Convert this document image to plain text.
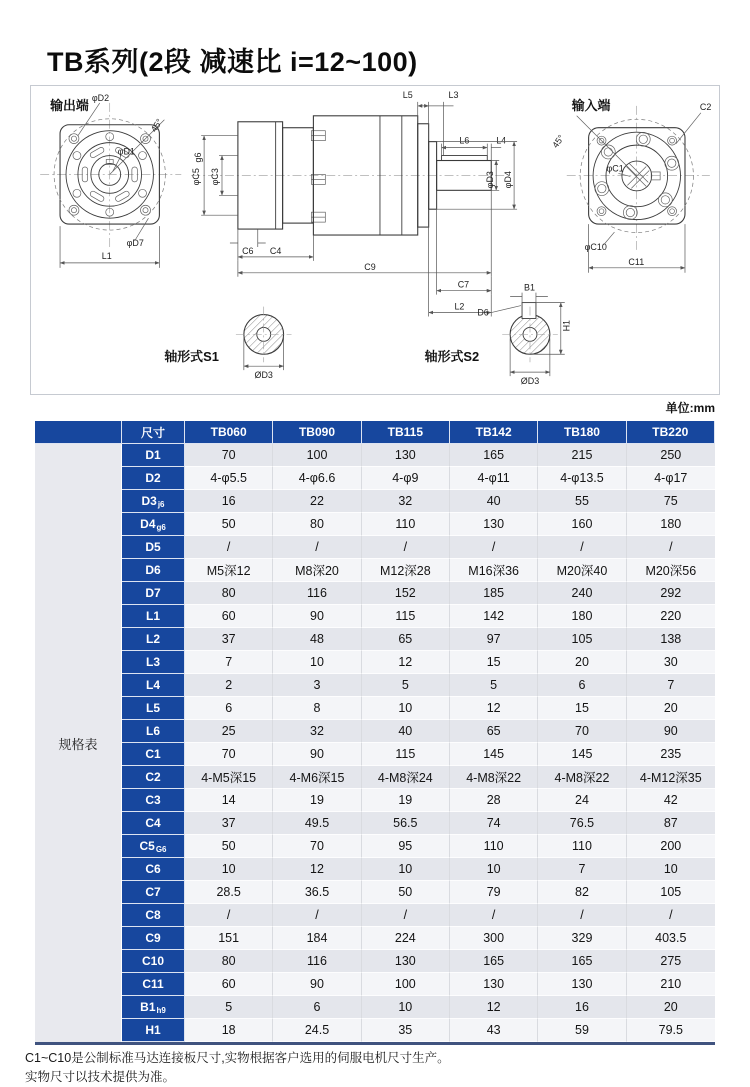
TB系列(2段 减速比 i=12~100)
输出端
45°
φD2
φD1
φD7
L1
φC5
g6
φC3
C6 C4
C9
L5	L3
L6	L4
φD3 φD4
C7
L2
输入端
45°
φC1
C2
φC10
C11
轴形式S1
ØD3
轴形式S2
B1
D6
H1
ØD3
单位:mm
规格表
尺寸	TB060	TB090	TB115	TB142	TB180	TB220
D1	70	100	130	165	215	250
D2	4-φ5.5	4-φ6.6	4-φ9	4-φ11	4-φ13.5	4-φ17
D3 j6	16	22	32	40	55	75
D4 g6	50	80	110	130	160	180
D5	/	/	/	/	/	/
D6	M5深12	M8深20	M12深28	M16深36	M20深40	M20深56
D7	80	116	152	185	240	292
L1	60	90	115	142	180	220
L2	37	48	65	97	105	138
L3	7	10	12	15	20	30
L4	2	3	5	5	6	7
L5	6	8	10	12	15	20
L6	25	32	40	65	70	90
C1	70	90	115	145	145	235
C2	4-M5深15	4-M6深15	4-M8深24	4-M8深22	4-M8深22	4-M12深35
C3	14	19	19	28	24	42
C4	37	49.5	56.5	74	76.5	87
C5 G6	50	70	95	110	110	200
C6	10	12	10	10	7	10
C7	28.5	36.5	50	79	82	105
C8	/	/	/	/	/	/
C9	151	184	224	300	329	403.5
C10	80	116	130	165	165	275
C11	60	90	100	130	130	210
B1 h9	5	6	10	12	16	20
H1	18	24.5	35	43	59	79.5
C1~C10是公制标准马达连接板尺寸,实物根据客户选用的伺服电机尺寸生产。
实物尺寸以技术提供为准。
